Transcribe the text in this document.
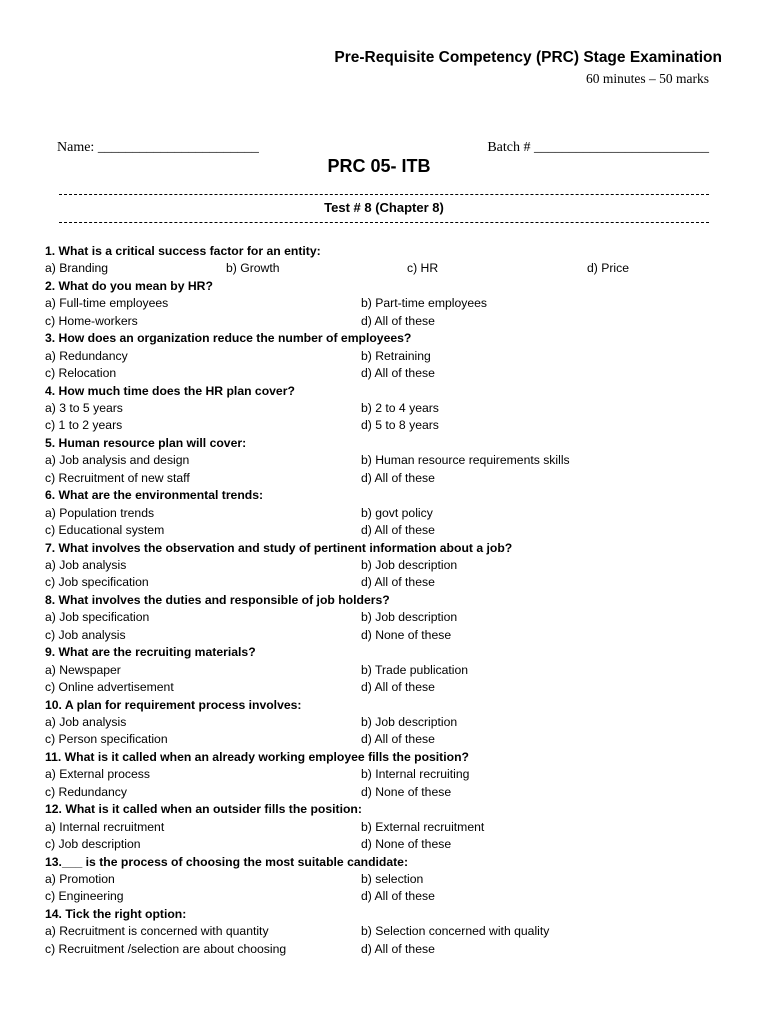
Pre-Requisite Competency (PRC) Stage Examination
60 minutes – 50 marks
Name: _______________________	Batch # _________________________
PRC 05- ITB
Test # 8 (Chapter 8)
1. What is a critical success factor for an entity:
a) Branding	b) Growth	c) HR	d) Price
2. What do you mean by HR?
a) Full-time employees	b) Part-time employees
c) Home-workers	d) All of these
3. How does an organization reduce the number of employees?
a) Redundancy	b) Retraining
c) Relocation	d) All of these
4. How much time does the HR plan cover?
a) 3 to 5 years	b) 2 to 4 years
c) 1 to 2 years	d) 5 to 8 years
5. Human resource plan will cover:
a) Job analysis and design	b) Human resource requirements skills
c) Recruitment of new staff	d) All of these
6. What are the environmental trends:
a) Population trends	b) govt policy
c) Educational system	d) All of these
7. What involves the observation and study of pertinent information about a job?
a) Job analysis	b) Job description
c) Job specification	d) All of these
8. What involves the duties and responsible of job holders?
a) Job specification	b) Job description
c) Job analysis	d) None of these
9. What are the recruiting materials?
a) Newspaper	b) Trade publication
c) Online advertisement	d) All of these
10. A plan for requirement process involves:
a) Job analysis	b) Job description
c) Person specification	d) All of these
11. What is it called when an already working employee fills the position?
a) External process	b) Internal recruiting
c) Redundancy	d) None of these
12. What is it called when an outsider fills the position:
a) Internal recruitment	b) External recruitment
c) Job description	d) None of these
13.___ is the process of choosing the most suitable candidate:
a) Promotion	b) selection
c) Engineering	d) All of these
14. Tick the right option:
a) Recruitment is concerned with quantity	b) Selection concerned with quality
c) Recruitment /selection are about choosing	d) All of these
